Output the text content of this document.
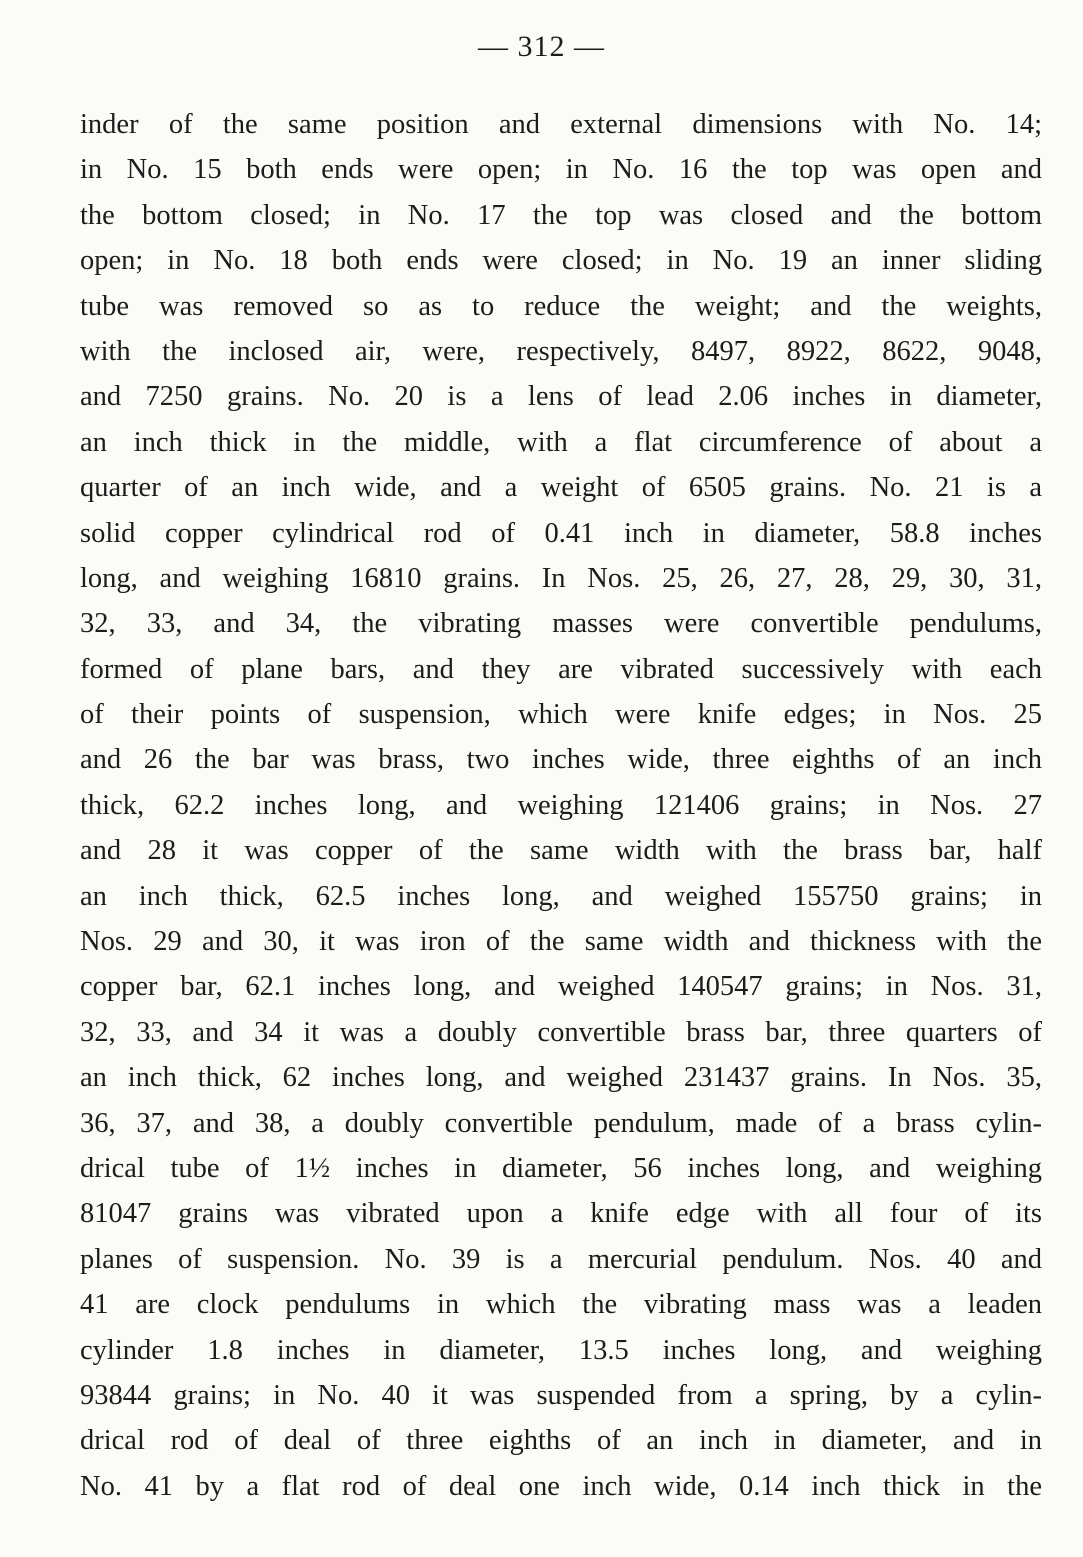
— 312 —
inder of the same position and external dimensions with No. 14;
in No. 15 both ends were open; in No. 16 the top was open and
the bottom closed; in No. 17 the top was closed and the bottom
open; in No. 18 both ends were closed; in No. 19 an inner sliding
tube was removed so as to reduce the weight; and the weights,
with the inclosed air, were, respectively, 8497, 8922, 8622, 9048,
and 7250 grains. No. 20 is a lens of lead 2.06 inches in diameter,
an inch thick in the middle, with a flat circumference of about a
quarter of an inch wide, and a weight of 6505 grains. No. 21 is a
solid copper cylindrical rod of 0.41 inch in diameter, 58.8 inches
long, and weighing 16810 grains. In Nos. 25, 26, 27, 28, 29, 30, 31,
32, 33, and 34, the vibrating masses were convertible pendulums,
formed of plane bars, and they are vibrated successively with each
of their points of suspension, which were knife edges; in Nos. 25
and 26 the bar was brass, two inches wide, three eighths of an inch
thick, 62.2 inches long, and weighing 121406 grains; in Nos. 27
and 28 it was copper of the same width with the brass bar, half
an inch thick, 62.5 inches long, and weighed 155750 grains; in
Nos. 29 and 30, it was iron of the same width and thickness with the
copper bar, 62.1 inches long, and weighed 140547 grains; in Nos. 31,
32, 33, and 34 it was a doubly convertible brass bar, three quarters of
an inch thick, 62 inches long, and weighed 231437 grains. In Nos. 35,
36, 37, and 38, a doubly convertible pendulum, made of a brass cylin-
drical tube of 1½ inches in diameter, 56 inches long, and weighing
81047 grains was vibrated upon a knife edge with all four of its
planes of suspension. No. 39 is a mercurial pendulum. Nos. 40 and
41 are clock pendulums in which the vibrating mass was a leaden
cylinder 1.8 inches in diameter, 13.5 inches long, and weighing
93844 grains; in No. 40 it was suspended from a spring, by a cylin-
drical rod of deal of three eighths of an inch in diameter, and in
No. 41 by a flat rod of deal one inch wide, 0.14 inch thick in the
